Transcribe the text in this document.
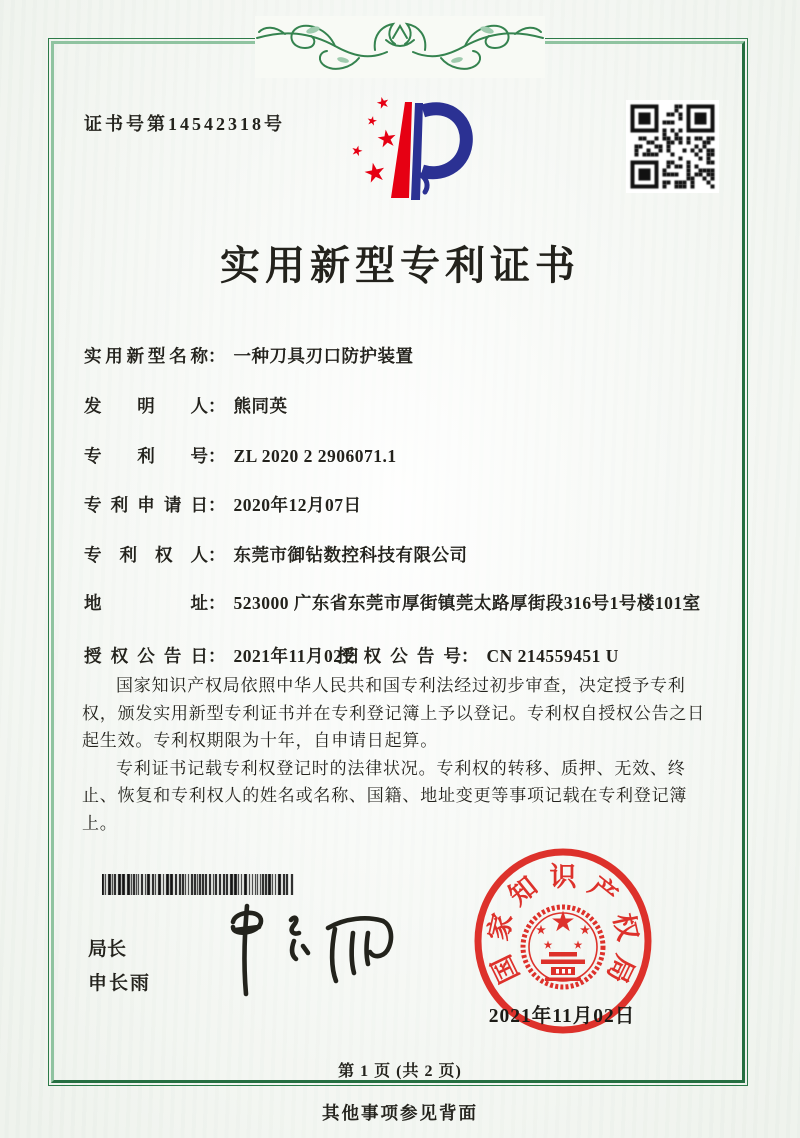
证书号第14542318号
实用新型专利证书
实用新型名称： 一种刀具刃口防护装置
发明人： 熊同英
专利号： ZL 2020 2 2906071.1
专利申请日： 2020年12月07日
专利权人： 东莞市御钻数控科技有限公司
地址： 523000 广东省东莞市厚街镇莞太路厚街段316号1号楼101室
授权公告日： 2021年11月02日
授权公告号： CN 214559451 U

国家知识产权局依照中华人民共和国专利法经过初步审查，决定授予专利权，颁发实用新型专利证书并在专利登记簿上予以登记。专利权自授权公告之日起生效。专利权期限为十年，自申请日起算。

专利证书记载专利权登记时的法律状况。专利权的转移、质押、无效、终止、恢复和专利权人的姓名或名称、国籍、地址变更等事项记载在专利登记簿上。

局长
申长雨	国
家
知 识 产
权
局
2021年11月02日
第 1 页 (共 2 页)
其他事项参见背面
